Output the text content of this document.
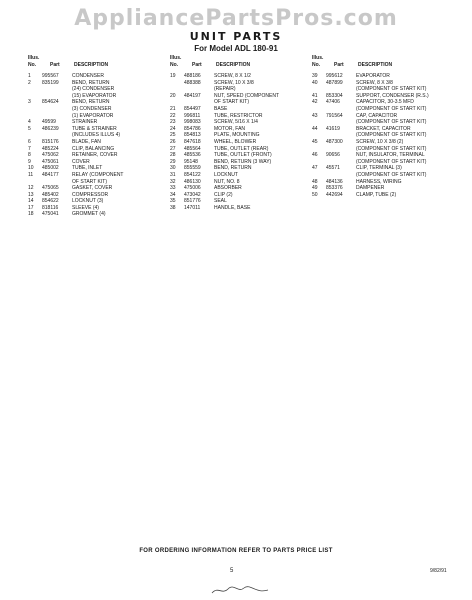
AppliancePartsPros.com
UNIT PARTS
For Model ADL 180-91
Illus.
No.	Part	DESCRIPTION
1	995567	CONDENSER
2	835199	BEND, RETURN
(24) CONDENSER
(15) EVAPORATOR
3	854624	BEND, RETURN
(3) CONDENSER
(1) EVAPORATOR
4	49599	STRAINER
5	486239	TUBE & STRAINER
(INCLUDES ILLUS 4)
6	815176	BLADE, FAN
7	485224	CLIP, BALANCING
8	475062	RETAINER, COVER
9	475061	COVER
10	485002	TUBE, INLET
11	484177	RELAY (COMPONENT
OF START KIT)
12	475065	GASKET, COVER
13	485402	COMPRESSOR
14	854622	LOCKNUT (3)
17	818116	SLEEVE (4)
18	475041	GROMMET (4)
Illus.
No.	Part	DESCRIPTION
19	488186	SCREW, 8 X 1/2
488388	SCREW, 10 X 3/8
(REPAIR)
20	484197	NUT, SPEED (COMPONENT
OF START KIT)
21	854497	BASE
22	996811	TUBE, RESTRICTOR
23	998083	SCREW, 5/16 X 1/4
24	854786	MOTOR, FAN
25	854813	PLATE, MOUNTING
26	847618	WHEEL, BLOWER
27	485564	TUBE, OUTLET (REAR)
28	485536	TUBE, OUTLET (FRONT)
29	95148	BEND, RETURN (3 WAY)
30	855559	BEND, RETURN
31	854122	LOCKNUT
32	486130	NUT, NO. 8
33	475006	ABSORBER
34	473042	CLIP (2)
35	851776	SEAL
38	147011	HANDLE, BASE
Illus.
No.	Part	DESCRIPTION
39	995612	EVAPORATOR
40	487899	SCREW, 8 X 3/8
(COMPONENT OF START KIT)
41	853304	SUPPORT, CONDENSER (R.S.)
42	47406	CAPACITOR, 30-3.5 MFD
(COMPONENT OF START KIT)
43	791564	CAP, CAPACITOR
(COMPONENT OF START KIT)
44	41619	BRACKET, CAPACITOR
(COMPONENT OF START KIT)
45	487300	SCREW, 10 X 3/8 (2)
(COMPONENT OF START KIT)
46	90656	NUT, INSULATOR, TERMINAL
(COMPONENT OF START KIT)
47	45571	CLIP, TERMINAL (3)
(COMPONENT OF START KIT)
48	484136	HARNESS, WIRING
49	853376	DAMPENER
50	442694	CLAMP, TUBE (2)
FOR ORDERING INFORMATION REFER TO PARTS PRICE LIST
5	9/82/91
